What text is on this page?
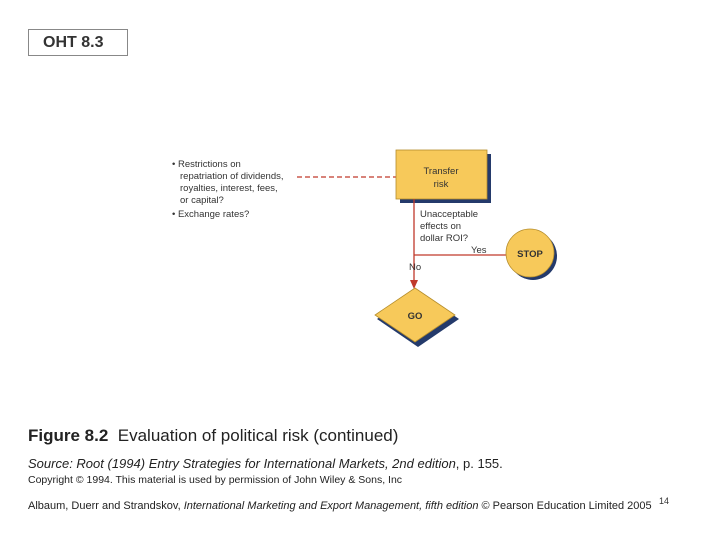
OHT 8.3
• Restrictions on
repatriation of dividends,
royalties, interest, fees,
or capital?
• Exchange rates?
Transfer
risk
Unacceptable
effects on
dollar ROI?
Yes	STOP
No
GO
Figure 8.2 Evaluation of political risk (continued)
Source: Root (1994) Entry Strategies for International Markets, 2nd edition, p. 155.
Copyright © 1994. This material is used by permission of John Wiley & Sons, Inc
Albaum, Duerr and Strandskov, International Marketing and Export Management, fifth edition © Pearson Education Limited 2005 14
